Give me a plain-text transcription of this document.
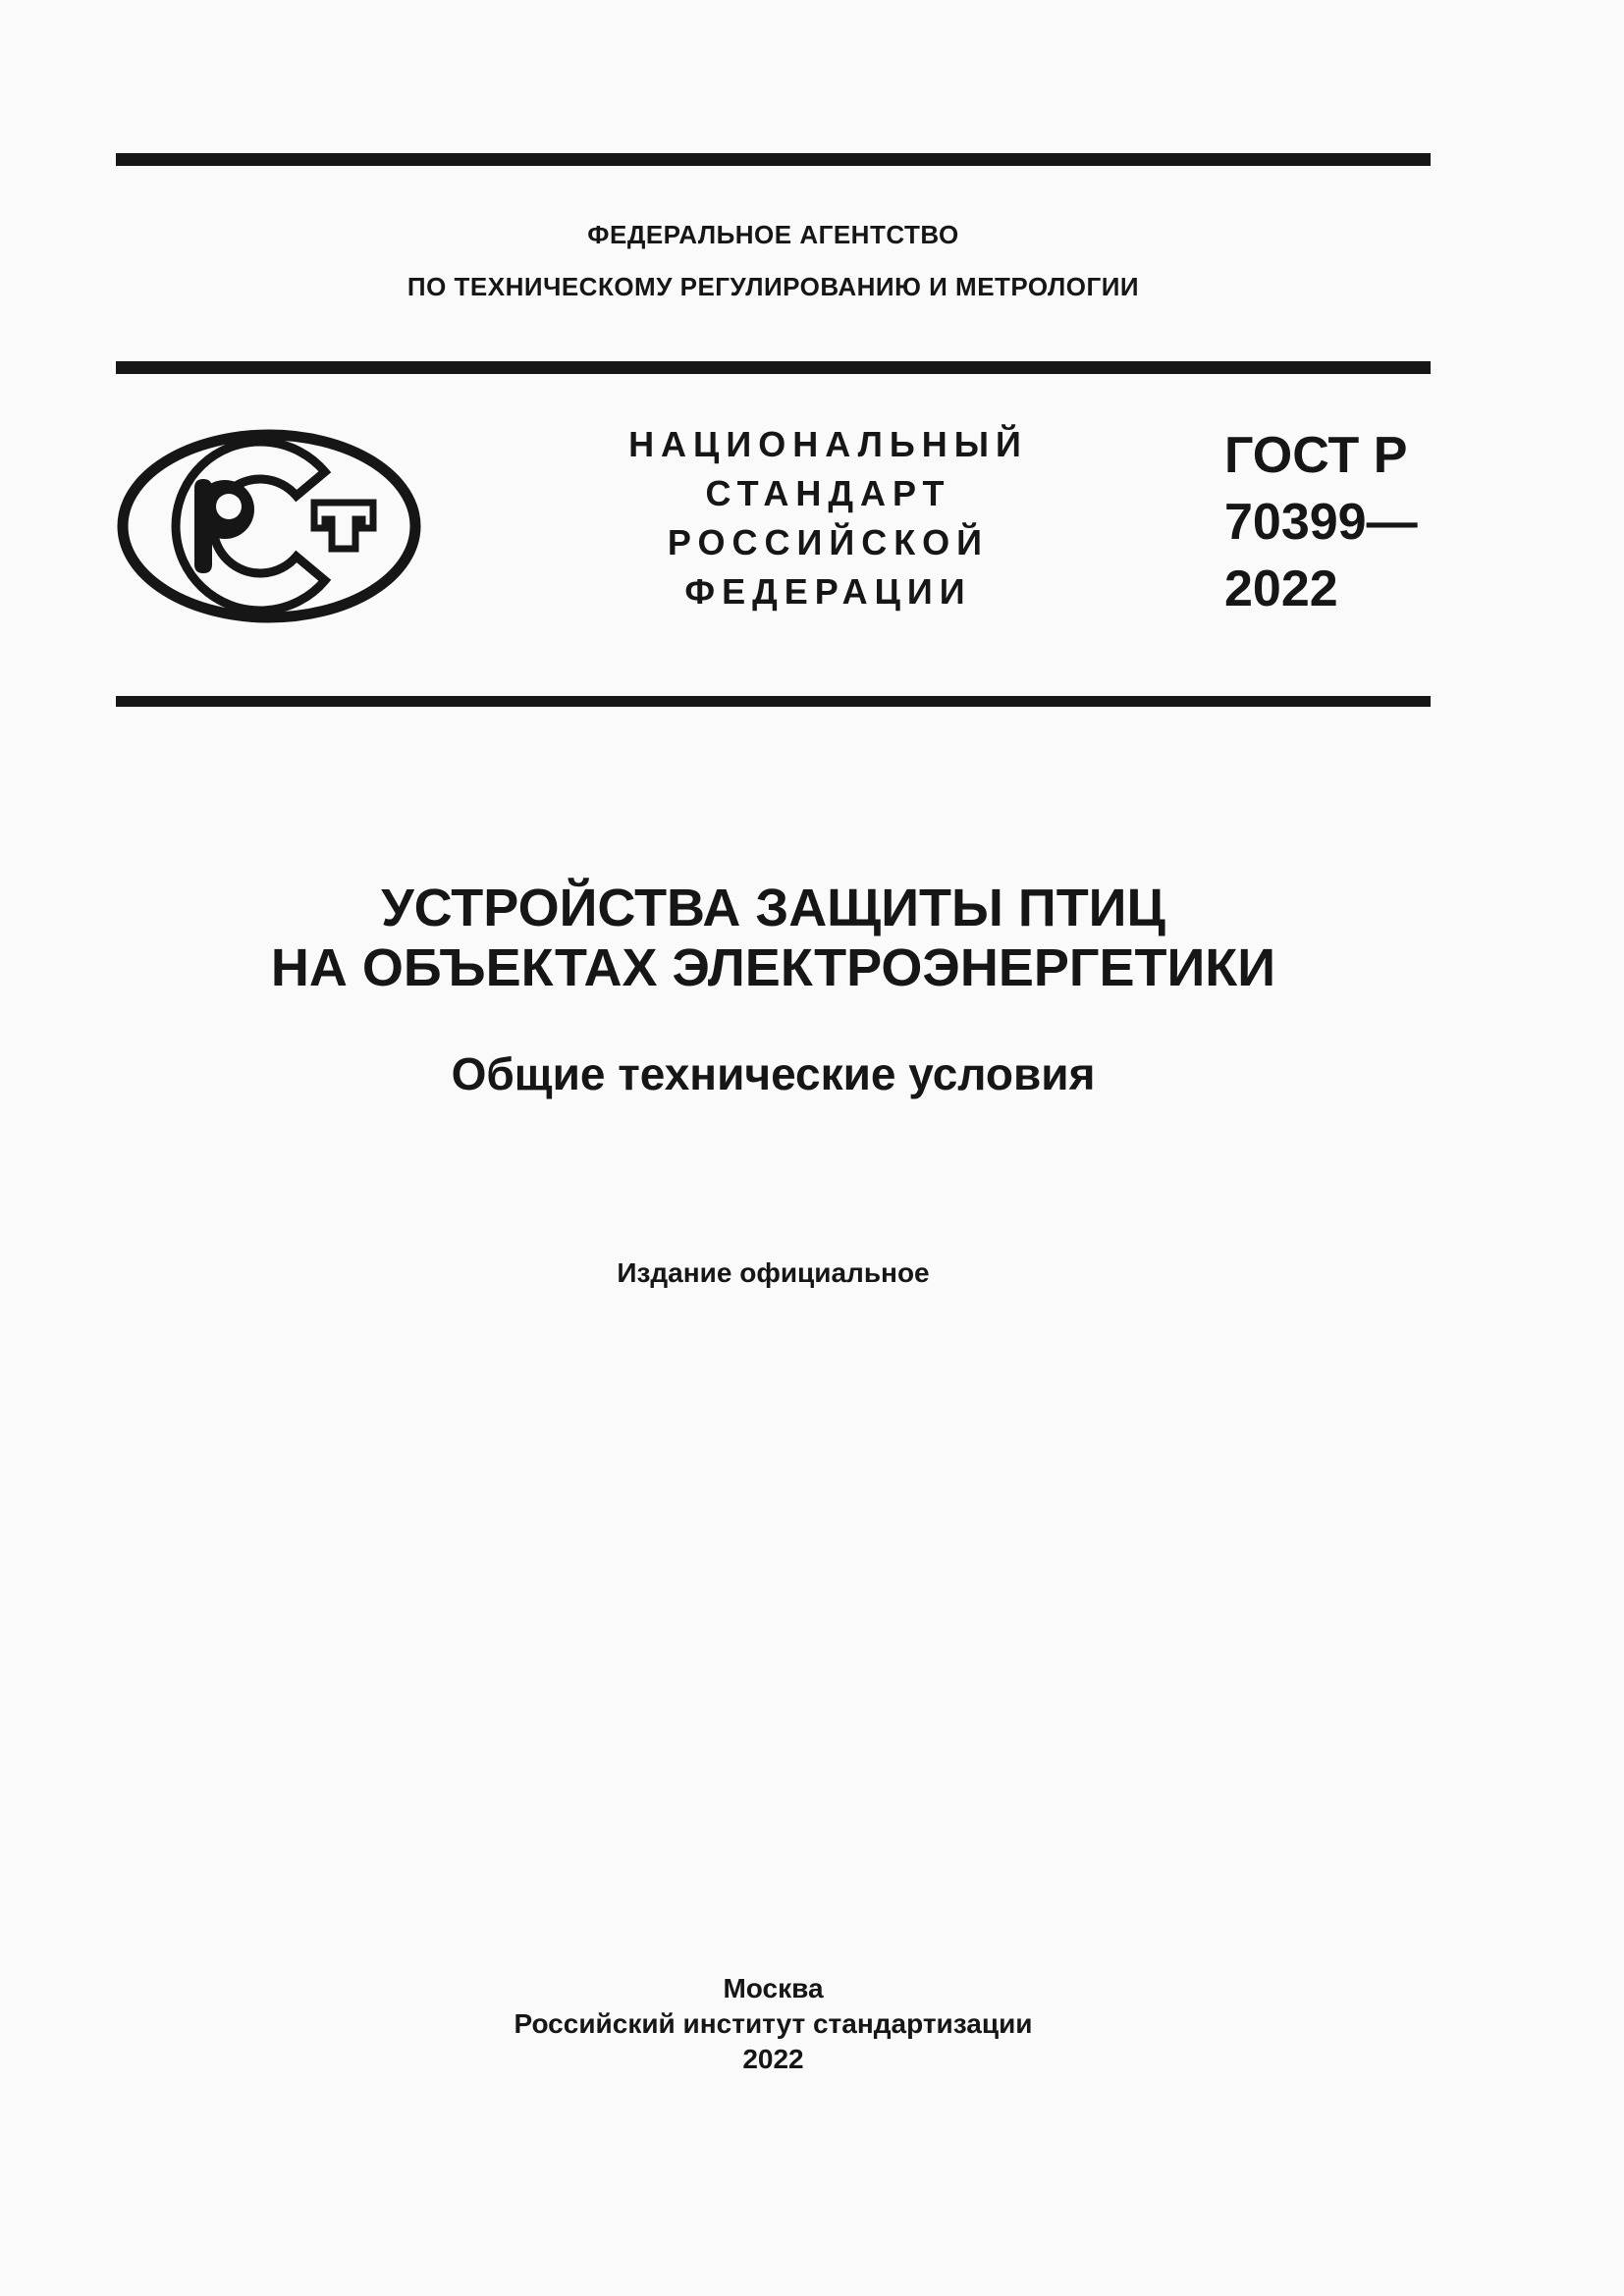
ФЕДЕРАЛЬНОЕ АГЕНТСТВО
ПО ТЕХНИЧЕСКОМУ РЕГУЛИРОВАНИЮ И МЕТРОЛОГИИ
НАЦИОНАЛЬНЫЙ
СТАНДАРТ
РОССИЙСКОЙ
ФЕДЕРАЦИИ
ГОСТ Р
70399—
2022
УСТРОЙСТВА ЗАЩИТЫ ПТИЦ
НА ОБЪЕКТАХ ЭЛЕКТРОЭНЕРГЕТИКИ
Общие технические условия
Издание официальное
Москва
Российский институт стандартизации
2022
